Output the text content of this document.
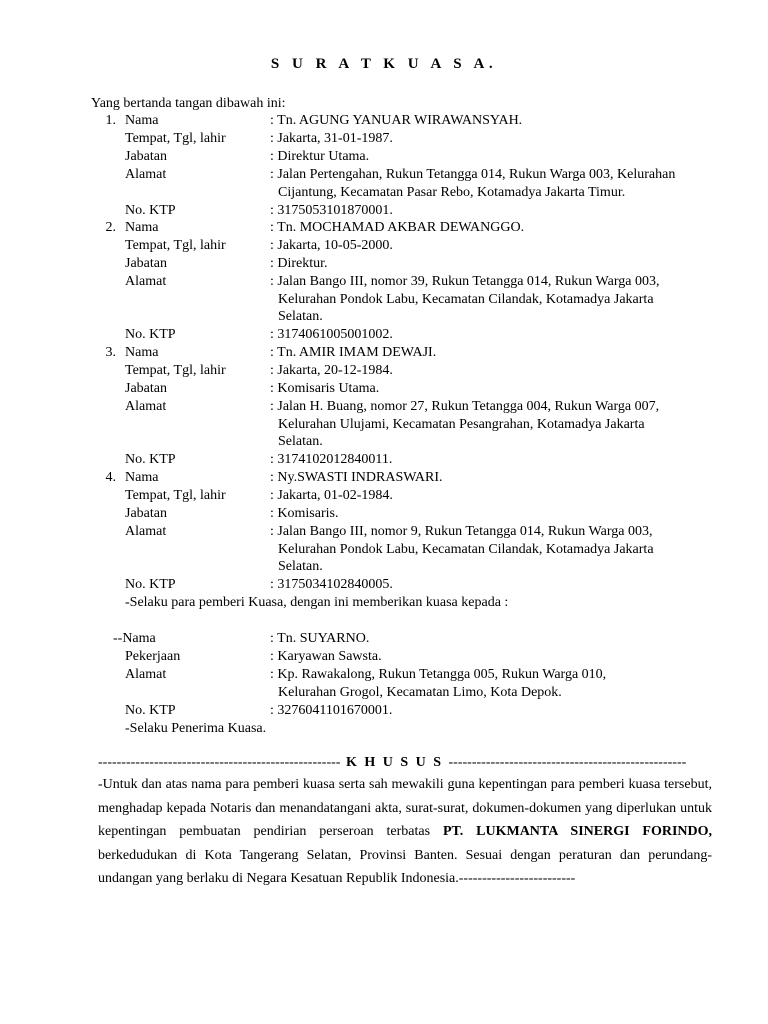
S U R A T K U A S A.
Yang bertanda tangan dibawah ini:
1. Nama	: Tn. AGUNG YANUAR WIRAWANSYAH.
Tempat, Tgl, lahir	: Jakarta, 31-01-1987.
Jabatan	: Direktur Utama.
Alamat	: Jalan Pertengahan, Rukun Tetangga 014, Rukun Warga 003, Kelurahan
Cijantung, Kecamatan Pasar Rebo, Kotamadya Jakarta Timur.
No. KTP	: 3175053101870001.
2. Nama	: Tn. MOCHAMAD AKBAR DEWANGGO.
Tempat, Tgl, lahir	: Jakarta, 10-05-2000.
Jabatan	: Direktur.
Alamat	: Jalan Bango III, nomor 39, Rukun Tetangga 014, Rukun Warga 003,
Kelurahan Pondok Labu, Kecamatan Cilandak, Kotamadya Jakarta
Selatan.
No. KTP	: 3174061005001002.
3. Nama	: Tn. AMIR IMAM DEWAJI.
Tempat, Tgl, lahir	: Jakarta, 20-12-1984.
Jabatan	: Komisaris Utama.
Alamat	: Jalan H. Buang, nomor 27, Rukun Tetangga 004, Rukun Warga 007,
Kelurahan Ulujami, Kecamatan Pesangrahan, Kotamadya Jakarta
Selatan.
No. KTP	: 3174102012840011.
4. Nama	: Ny.SWASTI INDRASWARI.
Tempat, Tgl, lahir	: Jakarta, 01-02-1984.
Jabatan	: Komisaris.
Alamat	: Jalan Bango III, nomor 9, Rukun Tetangga 014, Rukun Warga 003,
Kelurahan Pondok Labu, Kecamatan Cilandak, Kotamadya Jakarta
Selatan.
No. KTP	: 3175034102840005.
-Selaku para pemberi Kuasa, dengan ini memberikan kuasa kepada :
--Nama	: Tn. SUYARNO.
Pekerjaan	: Karyawan Sawsta.
Alamat	: Kp. Rawakalong, Rukun Tetangga 005, Rukun Warga 010,
Kelurahan Grogol, Kecamatan Limo, Kota Depok.
No. KTP	: 3276041101670001.
-Selaku Penerima Kuasa.
---------------------------------------------------- K H U S U S ---------------------------------------------------
-Untuk dan atas nama para pemberi kuasa serta sah mewakili guna kepentingan para pemberi kuasa tersebut, menghadap kepada Notaris dan menandatangani akta, surat-surat, dokumen-dokumen yang diperlukan untuk kepentingan pembuatan pendirian perseroan terbatas PT. LUKMANTA SINERGI FORINDO, berkedudukan di Kota Tangerang Selatan, Provinsi Banten. Sesuai dengan peraturan dan perundang-undangan yang berlaku di Negara Kesatuan Republik Indonesia.-------------------------
